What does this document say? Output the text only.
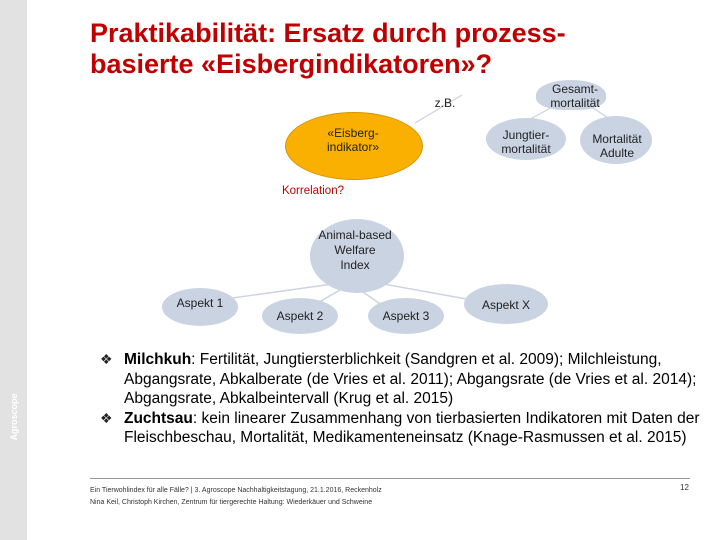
Agroscope
Praktikabilität: Ersatz durch prozess-
basierte «Eisbergindikatoren»?
Gesamt-
mortalität
z.B.
«Eisberg-
indikator»
Jungtier-
mortalität
Mortalität
Adulte
Korrelation?
Animal-based
Welfare
Index
Aspekt 1
Aspekt 2	Aspekt 3
Aspekt X
❖ Milchkuh: Fertilität, Jungtiersterblichkeit (Sandgren et al. 2009); Milchleistung, Abgangsrate, Abkalberate (de Vries et al. 2011); Abgangsrate (de Vries et al. 2014); Abgangsrate, Abkalbeintervall (Krug et al. 2015)
❖ Zuchtsau: kein linearer Zusammenhang von tierbasierten Indikatoren mit Daten der Fleischbeschau, Mortalität, Medikamenteneinsatz (Knage-Rasmussen et al. 2015)
Ein Tierwohlindex für alle Fälle? | 3. Agroscope Nachhaltigkeitstagung, 21.1.2016, Reckenholz
Nina Keil, Christoph Kirchen, Zentrum für tiergerechte Haltung: Wiederkäuer und Schweine
12
